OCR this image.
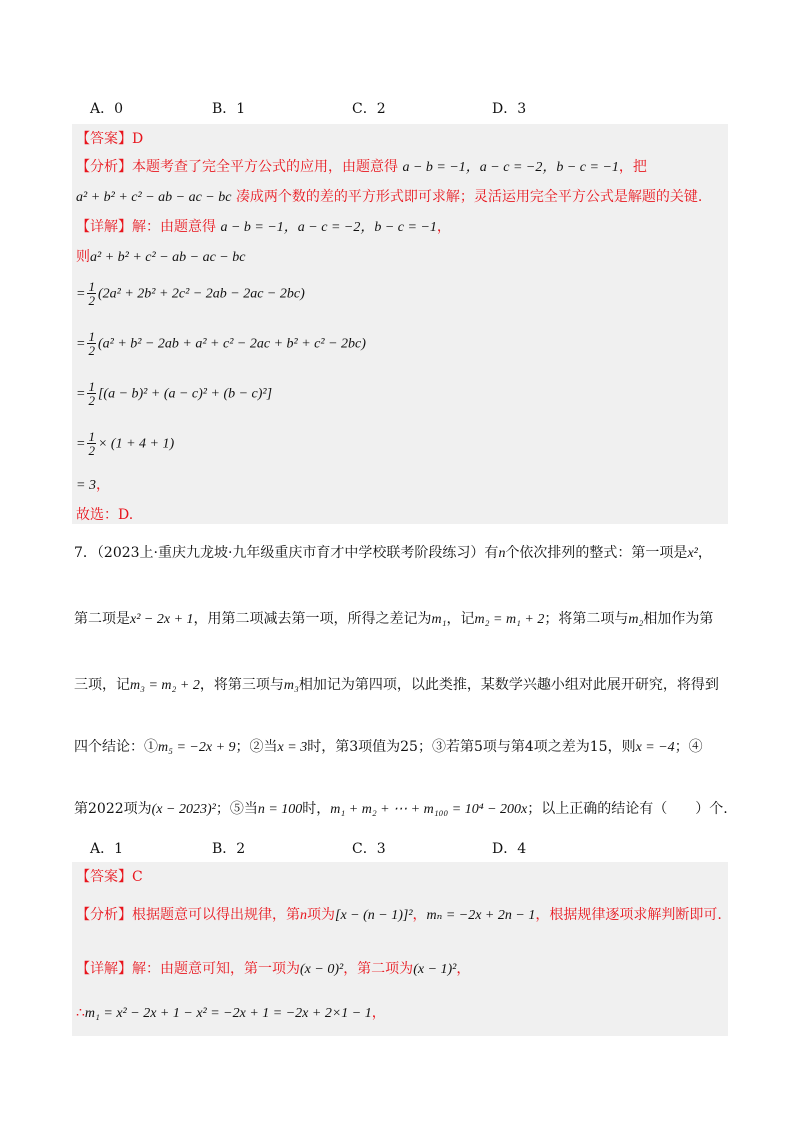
A．0	B．1	C．2	D．3
【答案】D
【分析】本题考查了完全平方公式的应用，由题意得 a − b = −1，a − c = −2，b − c = −1，把
a² + b² + c² − ab − ac − bc 凑成两个数的差的平方形式即可求解；灵活运用完全平方公式是解题的关键.
【详解】解：由题意得 a − b = −1，a − c = −2，b − c = −1，
则a² + b² + c² − ab − ac − bc
= $\frac{1}{2} (2a^2 + 2b^2 + 2c^2 - 2ab - 2ac - 2bc)$
= $\frac{1}{2} (a^2 + b^2 - 2ab + a^2 + c^2 - 2ac + b^2 + c^2 - 2bc)$
= $\frac{1}{2} [(a - b)^2 + (a - c)^2 + (b - c)^2]$
= $\frac{1}{2} \times (1 + 4 + 1)$
= 3，
故选：D.
7．（2023上·重庆九龙坡·九年级重庆市育才中学校联考阶段练习）有n个依次排列的整式：第一项是x²，
第二项是x² − 2x + 1，用第二项减去第一项，所得之差记为m₁，记m₂ = m₁ + 2；将第二项与m₂相加作为第
三项，记m₃ = m₂ + 2，将第三项与m₃相加记为第四项，以此类推，某数学兴趣小组对此展开研究，将得到
四个结论：①m₅ = −2x + 9；②当x = 3时，第3项值为25；③若第5项与第4项之差为15，则x = −4；④
第2022项为(x − 2023)²；⑤当n = 100时，m₁ + m₂ + ⋯ + m₁₀₀ = 10⁴ − 200x；以上正确的结论有（　　）个.
A．1	B．2	C．3	D．4
【答案】C
【分析】根据题意可以得出规律，第n项为[x − (n − 1)]²，mₙ = −2x + 2n − 1，根据规律逐项求解判断即可.
【详解】解：由题意可知，第一项为(x − 0)²，第二项为(x − 1)²，
∴m₁ = x² − 2x + 1 − x² = −2x + 1 = −2x + 2×1 − 1，
